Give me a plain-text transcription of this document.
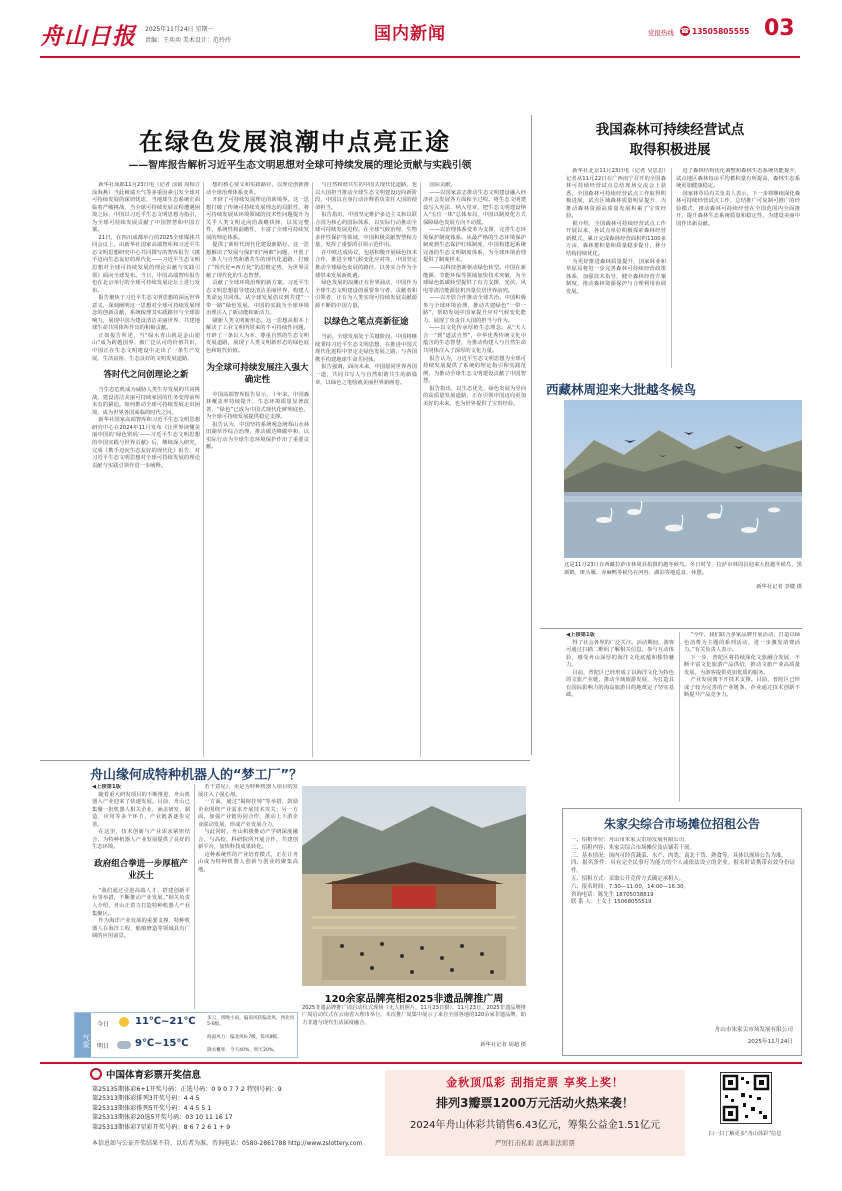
舟山日报 2025年11月24日 星期一
责编：王奕奕 美术设计：范玲玲	国内新闻	党报热线 ☎ 13505805555 03
在绿色发展浪潮中点亮正途
——智库报告解析习近平生态文明思想对全球可持续发展的理论贡献与实践引领

新华社成都11月23日电（记者 涂铭 周相吉 涂海燕）当此极端天气等多重因素引发全球对可持续发展的深切忧虑，当地球生态系统正面临着严峻挑战，当全球可持续发展议程遭遇困境之际，中国以习近平生态文明思想为指引，为全球可持续发展贡献了中国智慧和中国方案。

21日，在四川成都举行的2025全球媒体共同会议上，由新华社国家高端智库和习近平生态文明思想研究中心共同撰写的智库报告《携手迈向生态友好的现代化——习近平生态文明思想对全球可持续发展的理论贡献与实践引领》面向全球发布。当日，中国高端智库报告也在北京举行的全球可持续发展论坛上进行发布。

报告聚焦于习近平生态文明思想的深远世界意义，深刻阐明这一思想对全球可持续发展理念的创新贡献，系统梳理其实践路径与全球影响力，展现中国为建设清洁美丽世界、共建地球生命共同体所作出的积极贡献。

正如报告所述，当“绿水青山就是金山银山”成为跨越国界、被广泛认可的价值共识，中国正在生态文明建设中走出了一条生产发展、生活富裕、生态良好的文明发展道路。

答时代之问创理论之新

当生态危机成为威胁人类生存发展的共同挑战，建设清洁美丽可持续家园的任务变得前所未有的紧迫。如何推动全球可持续发展走出困境，成为世界各国面临的时代之问。

新华社国家高端智库和习近平生态文明思想研究中心在2024年11月发布《让世界读懂美丽中国的‘绿色密码’——习近平生态文明思想的中国实践与世界贡献》后，继续深入研究，完成《携手迈向生态友好的现代化》报告，对习近平生态文明思想对全球可持续发展的理论贡献与实践引领作进一步阐释。

想的核心要义和实践路径，以理论创新推动全球治理体系变革。

开辟了可持续发展理论的新境界。这一思想打破了传统可持续发展理念的局限性，将可持续发展从环境领域的技术性问题提升为关乎人类文明走向的战略抉择，以其完整性、系统性和前瞻性，丰富了全球可持续发展的理论体系。

提供了新时代现代化建设新路径。这一思想解决了发展与保护的“两难”问题，开创了一条人与自然和谐共生的现代化道路，打破了“现代化=西方化”的思维定势，为世界贡献了现代化的生态智慧。

贡献了全球环境治理的新方案。习近平生态文明思想倡导建设清洁美丽世界，构建人类命运共同体。从全球发展倡议到共建“一带一路”绿色发展，中国的实践为全球环境治理注入了新动能和新活力。

刷新人类文明新形态。这一思想从根本上解决了工业文明所带来的不可持续性问题，开辟了一条以人为本、尊重自然的生态文明发展道路，展现了人类文明新形态的绿色底色和时代价值。

为全球可持续发展注入强大确定性

中国高端智库报告显示，十年来，中国森林覆盖率持续提升，生态环境质量显著改善，“绿色”已成为中国式现代化鲜明底色，为全球可持续发展提供稳定支撑。

报告认为，中国坚持系统观念统筹山水林田湖草沙综合治理，推动碳达峰碳中和，以实际行动为全球生态环境保护作出了重要贡献。

与自然和谐共生的中国式现代化道路，也以大国担当推动全球生态文明建设迈向新阶段，中国以自身行动诠释着负责任大国的使命担当。

报告指出，中国坚定维护多边主义和以联合国为核心的国际体系，以实际行动推动全球可持续发展进程。在全球气候治理、生物多样性保护等领域，中国积极贡献智慧和力量，发挥了重要的引领示范作用。

在中欧达成协议，包括积极开展绿色技术合作，推进全球气候变化应对等，中国坚定推动全球绿色发展的路径，以务实合作为全球带来发展新机遇。

绿色发展的浪潮正在世界涌动，中国作为全球生态文明建设的重要参与者、贡献者和引领者，正在为人类实现可持续发展贡献源源不断的中国力量。

以绿色之笔点亮新征途

当前，全球发展处于关键阶段，中国将继续秉持习近平生态文明思想，在推进中国式现代化进程中坚定走绿色发展之路，与各国携手构建地球生命共同体。

报告强调，面向未来，中国愿同世界各国一道，共同书写人与自然和谐共生的新篇章，以绿色之笔绘就美丽世界新画卷。

国际贡献。

——以国家意志推动生态文明建设融入经济社会发展各方面和全过程。将生态文明建设写入宪法、纳入党章，把生态文明建设纳入“五位一体”总体布局，中国以制度化方式保障绿色发展方向不动摇。

——以治理体系变革为支撑，完善生态环境保护制度体系。从最严格的生态环境保护制度到生态保护红线制度，中国构建起系统完备的生态文明制度体系，为全球环境治理提供了制度样本。

——以科技创新驱动绿色转型。中国在新能源、节能环保等领域加快技术突破，为全球绿色低碳转型提供了有力支撑，光伏、风电等清洁能源装机容量位居世界前列。

——以开放合作推动全球共治。中国积极参与全球环境治理，推动共建绿色“一带一路”，帮助发展中国家提升应对气候变化能力，展现了负责任大国的担当与作为。

——以文化传承厚植生态理念。从“天人合一”到“道法自然”，中华优秀传统文化中蕴含的生态智慧，为推动构建人与自然生命共同体注入了深厚的文化力量。

报告认为，习近平生态文明思想为全球可持续发展提供了系统的理论指引和实践范例，为推动全球生态文明建设贡献了中国智慧。

报告指出，以生态优先、绿色发展为导向的高质量发展道路，正在引领中国迈向更加美好的未来，也为世界提供了宝贵经验。

我国森林可持续经营试点
取得积极进展

新华社北京11月23日电（记者 吴思思）记者从11月22日在广西南宁召开的全国森林可持续经营试点总结现场交流会上获悉，全国森林可持续经营试点工作取得积极进展，试点区域森林质量明显提升，为推动森林资源高质量发展积累了宝贵经验。

据介绍，全国森林可持续经营试点工作开展以来，各试点单位积极探索森林经营新模式，累计完成森林经营面积约1100多万亩，森林蓄积量和质量稳步提升，林分结构持续优化。

为更好推进森林质量提升，国家林业和草原局将进一步完善森林可持续经营政策体系，加强技术指导，健全森林经营方案制度，推动森林资源保护与合理利用协调发展。

进了森林结构优化调整和森林生态系统功能提升，试点地区森林每亩平均蓄积量有所提高，森林生态系统更加健康稳定。

国家林草局有关负责人表示，下一步将继续深化森林可持续经营试点工作，总结推广可复制可推广的经验模式，推动森林可持续经营在全国范围内全面推开，提升森林生态系统质量和稳定性，为建设美丽中国作出新贡献。

西藏林周迎来大批越冬候鸟
这是11月23日在西藏拉萨市林周县拍摄的越冬候鸟。冬日时节，拉萨市林周县迎来大批越冬候鸟，黑颈鹤、斑头雁、赤麻鸭等候鸟在河谷、湖泊等地觅食、休憩。
新华社记者 李键 摄

◀上接第1版

得了社会各界的广泛关注。活动期间，游客可通过扫描二维码了解相关信息，参与互动体验，感受舟山深厚的海洋文化底蕴和独特魅力。

目前，普陀区已经形成了以海洋文化为特色的文旅产业链，推动全域旅游发展，为打造具有国际影响力的海岛旅游目的地奠定了坚实基础。

“今年，我们联合多家品牌开展活动，打造以绿色消费为主题的系列活动，进一步激发消费活力。”有关负责人表示。

下一步，普陀区将持续深化文旅融合发展，不断丰富文化旅游产品供给，推动文旅产业高质量发展，为游客提供更加优质的服务。

产业发展离不开技术支撑。目前，普陀区已形成了较为完善的产业链条，企业通过技术创新不断提升产品竞争力。

舟山缘何成特种机器人的“梦工厂”？

◀上接第1版

随着重大研发项目的不断推进，舟山机器人产业迎来了快速发展。目前，舟山已集聚一批机器人相关企业，涵盖研发、制造、应用等多个环节，产业链条逐步完善。

在这里，技术创新与产业需求紧密结合，为特种机器人产业发展提供了良好的生态环境。

政府组合拳进一步厚植产业沃土

“我们通过引进高端人才、搭建创新平台等举措，不断推动产业发展。”相关负责人介绍，舟山正着力打造特种机器人产业集聚区。

作为海洋产业发展的重要支撑，特种机器人在海洋工程、船舶修造等领域具有广阔的应用前景。

若干意见》，更是为特种机器人项目的发展注入了强心剂。

一方面，通过“揭榜挂帅”等举措，鼓励企业围绕产业需求开展技术攻关；另一方面，加强产业链协同合作，推动上下游企业联动发展，形成产业发展合力。

与此同时，舟山积极推动产学研深度融合，与高校、科研院所开展合作，共建创新平台，加快科技成果转化。

这种系统性的产业培育模式，正在让舟山成为特种机器人创新与创业的聚集高地。

120余家品牌亮相2025非遗品牌推广周
2025非遗品牌推广周启动仪式现场（无人机照片，11月23日摄）。11月23日，2025非遗品牌推广周启动仪式在云南省大理市举行。本次推广周集中展示了来自全国各地的120余家非遗品牌，助力非遗与现代生活深度融合。
新华社记者 胡超 摄
气象
今日	11℃~21℃
明日	9℃~15℃
多云，傍晚小雨。偏南风转偏北风，西北风5-6级。
海面风力：偏北风6-7级，阵风8级。
降水概率：今天40%，明天20%。
朱家尖综合市场摊位招租公告

一、招租单位：舟山市朱家尖市场发展有限公司。

二、招租内容：朱家尖综合市场摊位及店铺若干间。

三、基本情况：场内可经营蔬菜、水产、肉类、南北干货、熟食等。具体以现场公告为准。

四、报名条件：具有完全民事行为能力的个人或依法设立的企业。报名时请携带有效身份证件。

五、招租方式：采取公开竞价方式确定承租人。

六、报名时间：7:30—11:00，14:00—16:30。

咨询电话：陈先生 18705038819

联 系 人：王女士 15068055519

舟山市朱家尖市场发展有限公司
2025年11月24日
中国体育彩票开奖信息
第25135期体彩6+1开奖号码：正选号码：0 9 0 7 7 2 特别号码：9
第25313期体彩排列3开奖号码：4 4 5
第25313期体彩排列5开奖号码：4 4 5 5 1
第25313期体彩20选5开奖号码：03 10 11 16 17
第25313期体彩7星彩开奖号码：8 6 7 2 6 1 + 9
本信息如与公证开奖结果不符，以后者为准。咨询电话：0580-2861788 http://www.zslottery.com
金秋顶瓜彩 刮指定票 享奖上奖！
排列3瓣票1200万元活动火热来袭！
2024年舟山体彩共销售6.43亿元，筹集公益金1.51亿元
严厉打击私彩 远离非法彩票
扫一扫了解更多“舟山体彩”信息
